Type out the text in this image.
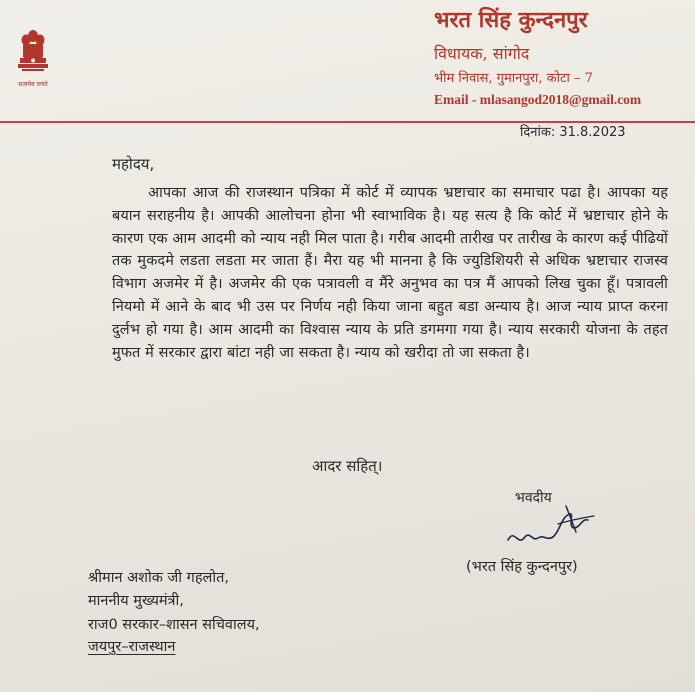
सत्यमेव जयते
भरत सिंह कुन्दनपुर
विधायक, सांगोद
भीम निवास, गुमानपुरा, कोटा – 7
Email - mlasangod2018@gmail.com
दिनांक: 31.8.2023
महोदय,
आपका आज की राजस्थान पत्रिका में कोर्ट में व्यापक भ्रष्टाचार का समाचार पढा है। आपका यह बयान सराहनीय है। आपकी आलोचना होना भी स्वाभाविक है। यह सत्य है कि कोर्ट में भ्रष्टाचार होने के कारण एक आम आदमी को न्याय नही मिल पाता है। गरीब आदमी तारीख पर तारीख के कारण कई पीढियों तक मुकदमे लडता लडता मर जाता हैं। मैरा यह भी मानना है कि ज्युडिशियरी से अधिक भ्रष्टाचार राजस्व विभाग अजमेर में है। अजमेर की एक पत्रावली व मैंरे अनुभव का पत्र मैं आपको लिख चुका हूँ। पत्रावली नियमो में आने के बाद भी उस पर निर्णय नही किया जाना बहुत बडा अन्याय है। आज न्याय प्राप्त करना दुर्लभ हो गया है। आम आदमी का विश्वास न्याय के प्रति डगमगा गया है। न्याय सरकारी योजना के तहत मुफत में सरकार द्वारा बांटा नही जा सकता है। न्याय को खरीदा तो जा सकता है।
आदर सहित्।
भवदीय
(भरत सिंह कुन्दनपुर)
श्रीमान अशोक जी गहलोत,
माननीय मुख्यमंत्री,
राज0 सरकार–शासन सचिवालय,
जयपुर–राजस्थान
